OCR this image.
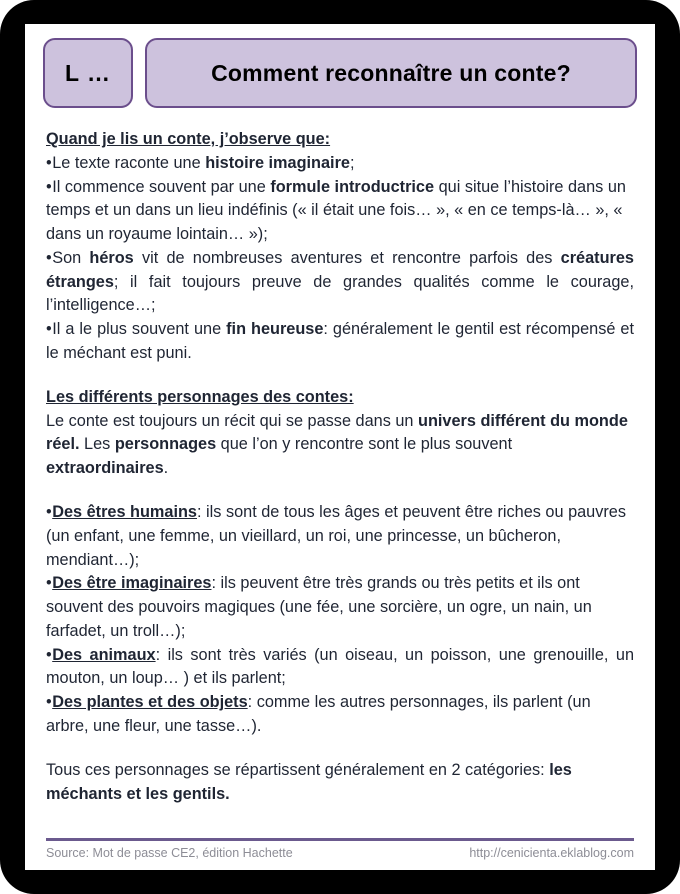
L …	Comment reconnaître un conte?

Quand je lis un conte, j’observe que:
• Le texte raconte une histoire imaginaire;
• Il commence souvent par une formule introductrice qui situe l’histoire dans un temps et un dans un lieu indéfinis (« il était une fois… », « en ce temps-là… », « dans un royaume lointain… »);

• Son héros vit de nombreuses aventures et rencontre parfois des créatures étranges; il fait toujours preuve de grandes qualités comme le courage, l’intelligence…;
• Il a le plus souvent une fin heureuse: généralement le gentil est récompensé et le méchant est puni.

Les différents personnages des contes:
Le conte est toujours un récit qui se passe dans un univers différent du monde réel. Les personnages que l’on y rencontre sont le plus souvent extraordinaires.

• Des êtres humains: ils sont de tous les âges et peuvent être riches ou pauvres (un enfant, une femme, un vieillard, un roi, une princesse, un bûcheron, mendiant…);

• Des être imaginaires: ils peuvent être très grands ou très petits et ils ont souvent des pouvoirs magiques (une fée, une sorcière, un ogre, un nain, un farfadet, un troll…);

• Des animaux: ils sont très variés (un oiseau, un poisson, une grenouille, un mouton, un loup… ) et ils parlent;

• Des plantes et des objets: comme les autres personnages, ils parlent (un arbre, une fleur, une tasse…).

Tous ces personnages se répartissent généralement en 2 catégories: les méchants et les gentils.

Source: Mot de passe CE2, édition Hachette	http://cenicienta.eklablog.com
